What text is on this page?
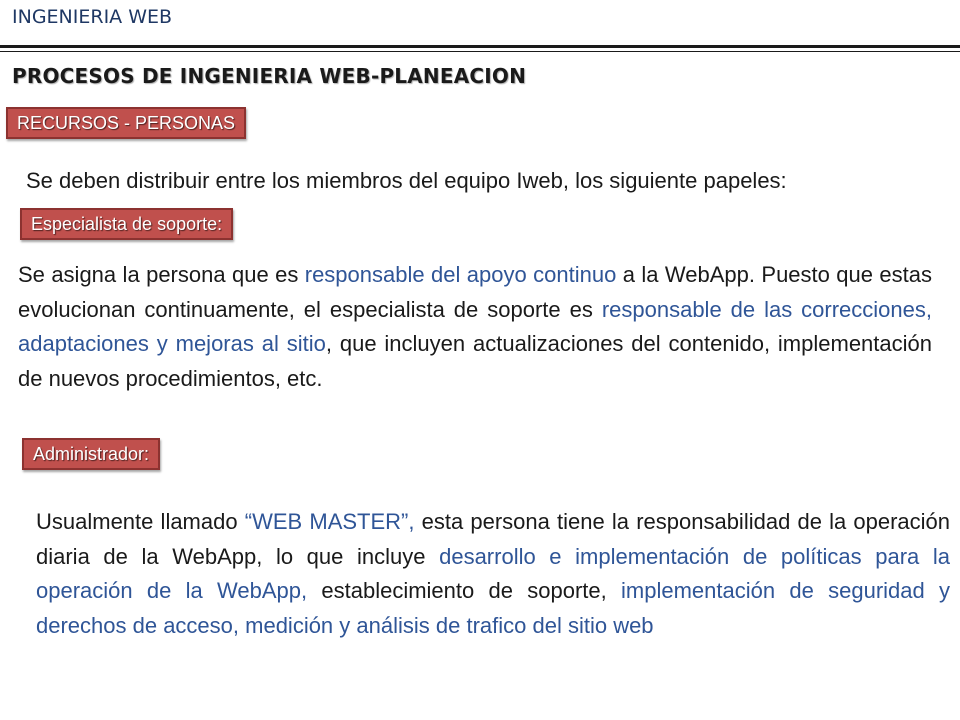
INGENIERIA WEB
PROCESOS DE INGENIERIA WEB-PLANEACION
RECURSOS - PERSONAS
Se deben distribuir entre los miembros del equipo Iweb, los siguiente papeles:
Especialista de soporte:
Se asigna la persona que es responsable del apoyo continuo a la WebApp. Puesto que estas evolucionan continuamente, el especialista de soporte es responsable de las correcciones, adaptaciones y mejoras al sitio, que incluyen actualizaciones del contenido, implementación de nuevos procedimientos, etc.
Administrador:
Usualmente llamado “WEB MASTER”, esta persona tiene la responsabilidad de la operación diaria de la WebApp, lo que incluye desarrollo e implementación de políticas para la operación de la WebApp, establecimiento de soporte, implementación de seguridad y derechos de acceso, medición y análisis de trafico del sitio web
